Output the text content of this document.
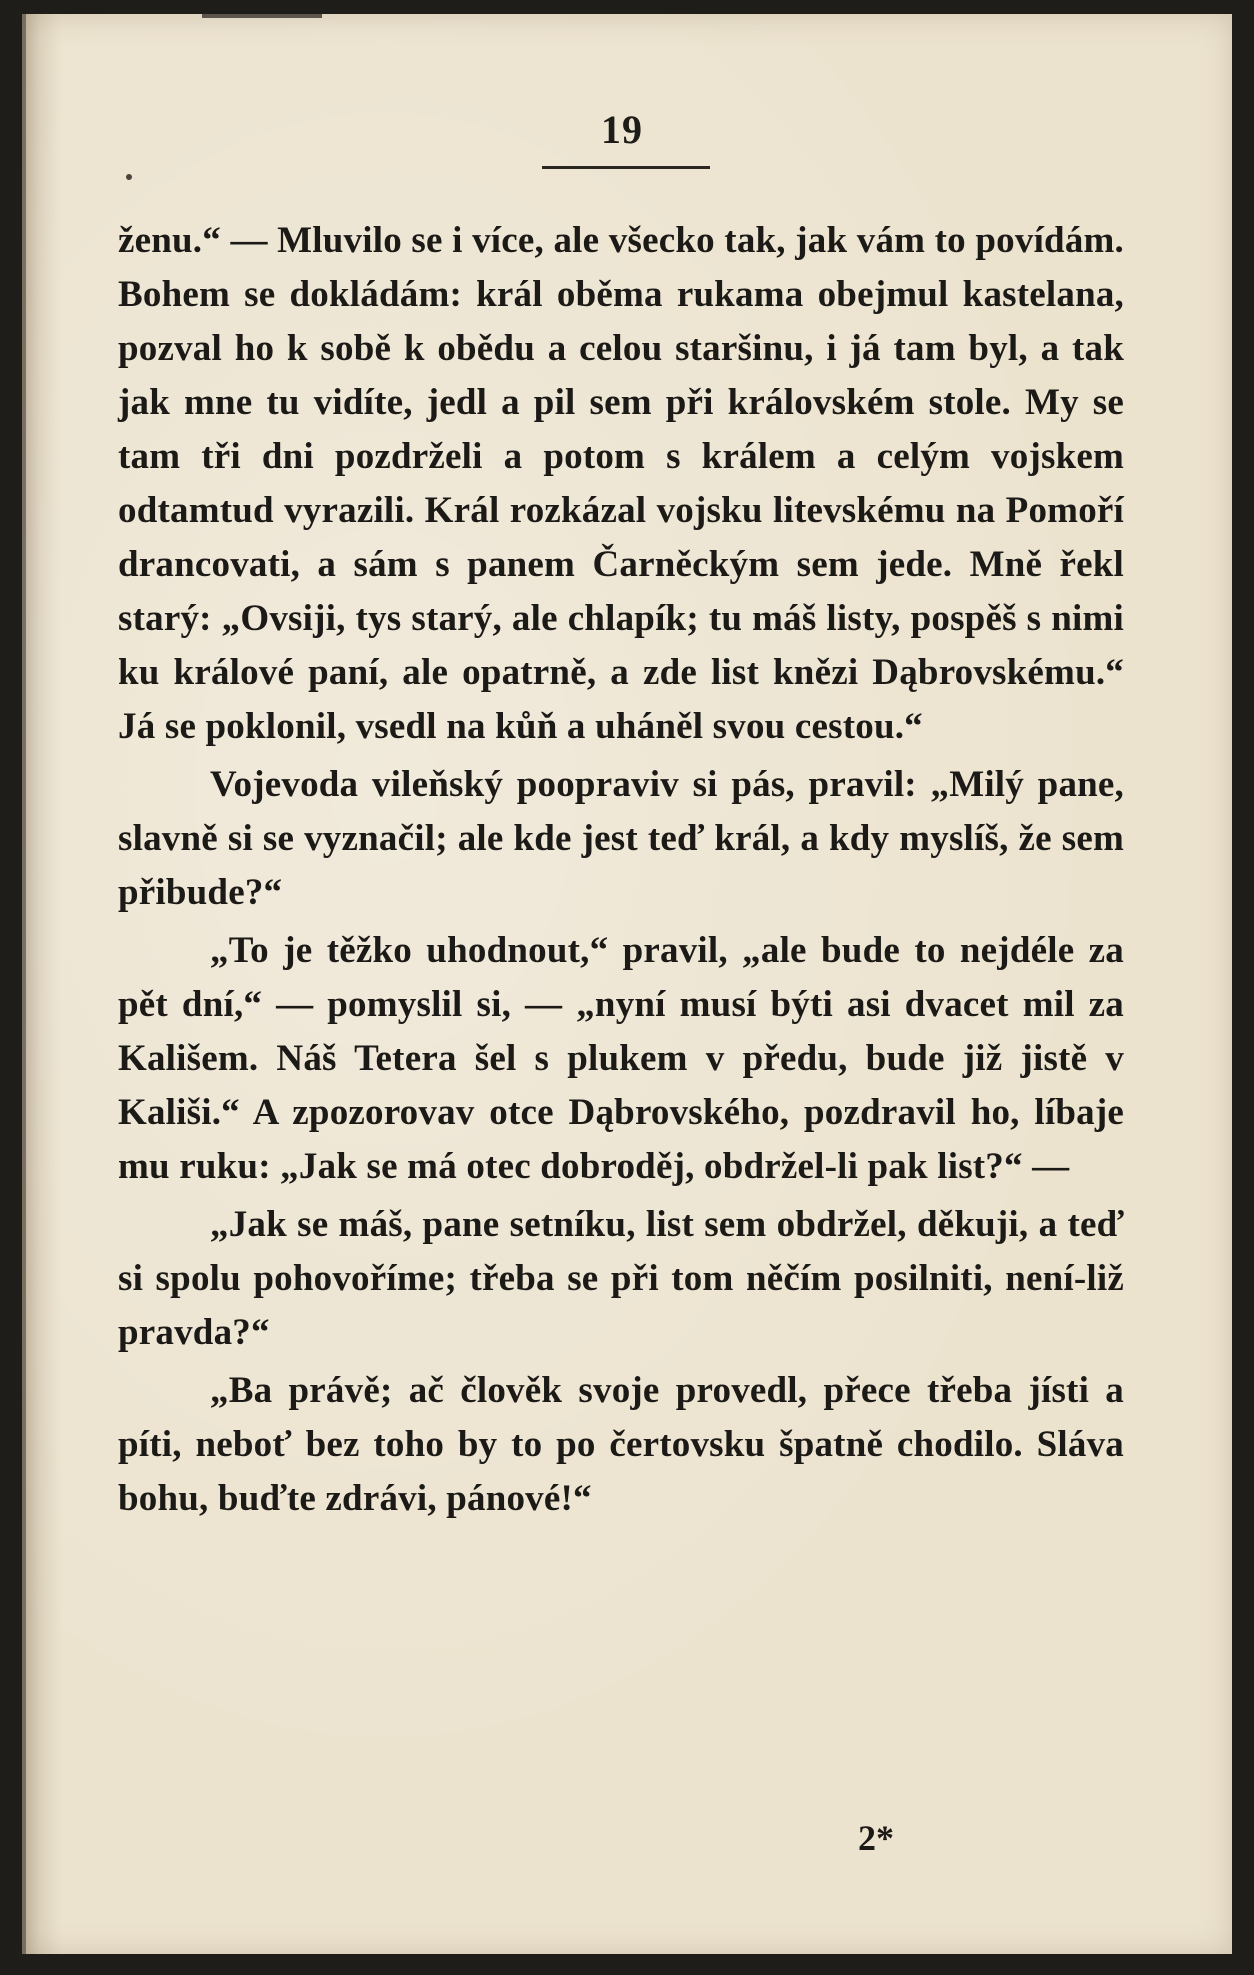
19

ženu.“ — Mluvilo se i více, ale všecko tak, jak vám to povídám. Bohem se dokládám: král oběma rukama obejmul kastelana, pozval ho k sobě k obědu a celou staršinu, i já tam byl, a tak jak mne tu vidíte, jedl a pil sem při královském stole. My se tam tři dni pozdrželi a potom s králem a celým vojskem odtamtud vyrazili. Král rozkázal vojsku litevskému na Pomoří drancovati, a sám s panem Čarněckým sem jede. Mně řekl starý: „Ovsiji, tys starý, ale chlapík; tu máš listy, pospěš s nimi ku králové paní, ale opatrně, a zde list knězi Dąbrovskému.“ Já se poklonil, vsedl na kůň a uháněl svou cestou.“

Vojevoda vileňský poopraviv si pás, pravil: „Milý pane, slavně si se vyznačil; ale kde jest teď král, a kdy myslíš, že sem přibude?“

„To je těžko uhodnout,“ pravil, „ale bude to nejdéle za pět dní,“ — pomyslil si, — „nyní musí býti asi dvacet mil za Kališem. Náš Tetera šel s plukem v předu, bude již jistě v Kališi.“ A zpozorovav otce Dąbrovského, pozdravil ho, líbaje mu ruku: „Jak se má otec dobroděj, obdržel-li pak list?“ —

„Jak se máš, pane setníku, list sem obdržel, děkuji, a teď si spolu pohovoříme; třeba se při tom něčím posilniti, není-liž pravda?“

„Ba právě; ač člověk svoje provedl, přece třeba jísti a píti, neboť bez toho by to po čertovsku špatně chodilo. Sláva bohu, buďte zdrávi, pánové!“

2*
